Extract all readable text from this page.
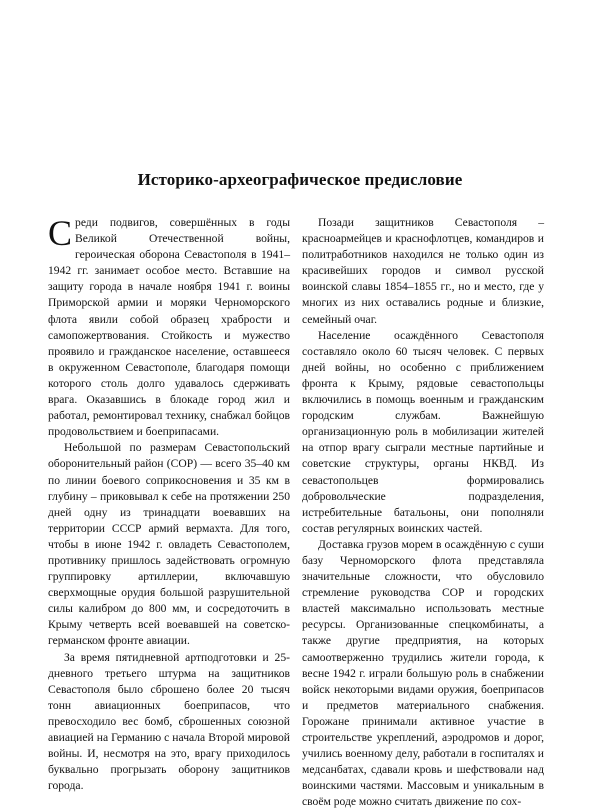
Историко-археографическое предисловие

Среди подвигов, совершённых в годы Великой Отечественной войны, героическая оборона Севастополя в 1941–1942 гг. занимает особое место. Вставшие на защиту города в начале ноября 1941 г. воины Приморской армии и моряки Черноморского флота явили собой образец храбрости и самопожертвования. Стойкость и мужество проявило и гражданское население, оставшееся в окруженном Севастополе, благодаря помощи которого столь долго удавалось сдерживать врага. Оказавшись в блокаде город жил и работал, ремонтировал технику, снабжал бойцов продовольствием и боеприпасами.

Небольшой по размерам Севастопольский оборонительный район (СОР) — всего 35–40 км по линии боевого соприкосновения и 35 км в глубину – приковывал к себе на протяжении 250 дней одну из тринадцати воевавших на территории СССР армий вермахта. Для того, чтобы в июне 1942 г. овладеть Севастополем, противнику пришлось задействовать огромную группировку артиллерии, включавшую сверхмощные орудия большой разрушительной силы калибром до 800 мм, и сосредоточить в Крыму четверть всей воевавшей на советско-германском фронте авиации.

За время пятидневной артподготовки и 25-дневного третьего штурма на защитников Севастополя было сброшено более 20 тысяч тонн авиационных боеприпасов, что превосходило вес бомб, сброшенных союзной авиацией на Германию с начала Второй мировой войны. И, несмотря на это, врагу приходилось буквально прогрызать оборону защитников города.

Позади защитников Севастополя – красноармейцев и краснофлотцев, командиров и политработников находился не только один из красивейших городов и символ русской воинской славы 1854–1855 гг., но и место, где у многих из них оставались родные и близкие, семейный очаг.

Население осаждённого Севастополя составляло около 60 тысяч человек. С первых дней войны, но особенно с приближением фронта к Крыму, рядовые севастопольцы включились в помощь военным и гражданским городским службам. Важнейшую организационную роль в мобилизации жителей на отпор врагу сыграли местные партийные и советские структуры, органы НКВД. Из севастопольцев формировались добровольческие подразделения, истребительные батальоны, они пополняли состав регулярных воинских частей.

Доставка грузов морем в осаждённую с суши базу Черноморского флота представляла значительные сложности, что обусловило стремление руководства СОР и городских властей максимально использовать местные ресурсы. Организованные спецкомбинаты, а также другие предприятия, на которых самоотверженно трудились жители города, к весне 1942 г. играли большую роль в снабжении войск некоторыми видами оружия, боеприпасов и предметов материального снабжения. Горожане принимали активное участие в строительстве укреплений, аэродромов и дорог, учились военному делу, работали в госпиталях и медсанбатах, сдавали кровь и шефствовали над воинскими частями. Массовым и уникальным в своём роде можно считать движение по сох-
